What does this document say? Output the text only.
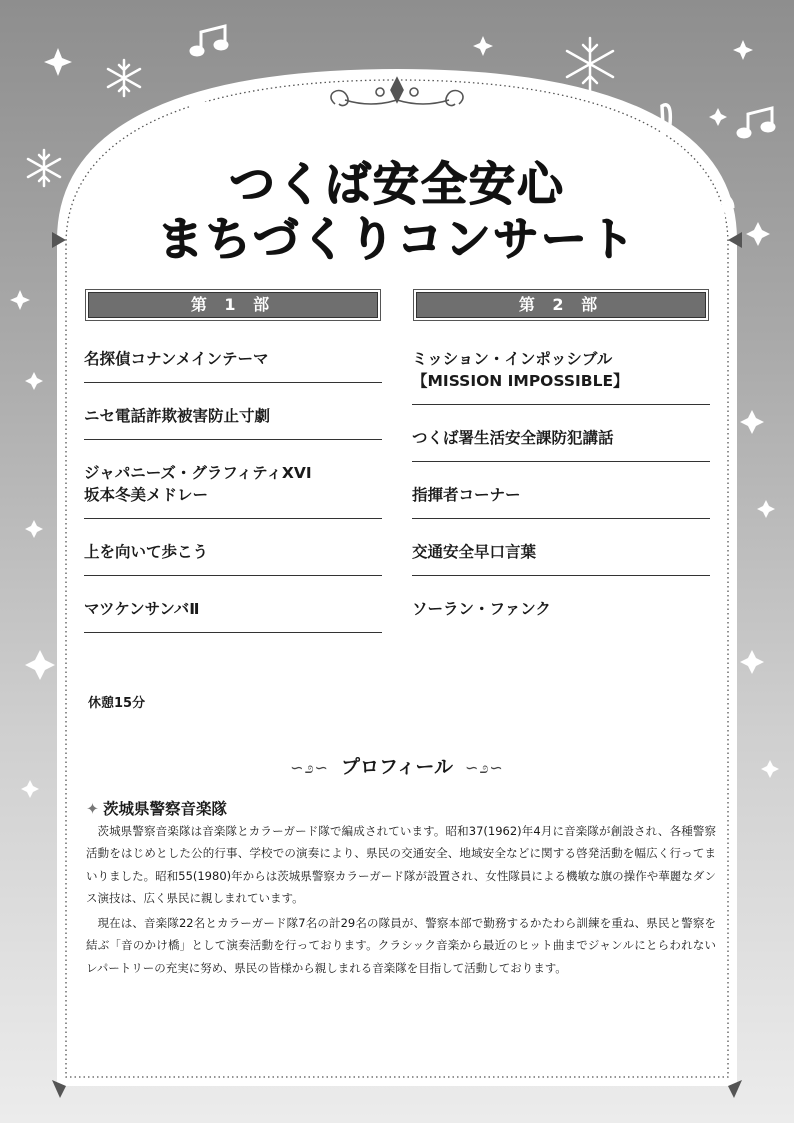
つくば安全安心
まちづくりコンサート
第 1 部
名探偵コナンメインテーマ
ニセ電話詐欺被害防止寸劇
ジャパニーズ・グラフィティXVI
坂本冬美メドレー
上を向いて歩こう
マツケンサンバⅡ
第 2 部
ミッション・インポッシブル
【MISSION IMPOSSIBLE】
つくば署生活安全課防犯講話
指揮者コーナー
交通安全早口言葉
ソーラン・ファンク
休憩15分
∽೨∽ プロフィール ∽೨∽
✦ 茨城県警察音楽隊

茨城県警察音楽隊は音楽隊とカラーガード隊で編成されています。昭和37(1962)年4月に音楽隊が創設され、各種警察活動をはじめとした公的行事、学校での演奏により、県民の交通安全、地域安全などに関する啓発活動を幅広く行ってまいりました。昭和55(1980)年からは茨城県警察カラーガード隊が設置され、女性隊員による機敏な旗の操作や華麗なダンス演技は、広く県民に親しまれています。

現在は、音楽隊22名とカラーガード隊7名の計29名の隊員が、警察本部で勤務するかたわら訓練を重ね、県民と警察を結ぶ「音のかけ橋」として演奏活動を行っております。クラシック音楽から最近のヒット曲までジャンルにとらわれないレパートリーの充実に努め、県民の皆様から親しまれる音楽隊を目指して活動しております。
